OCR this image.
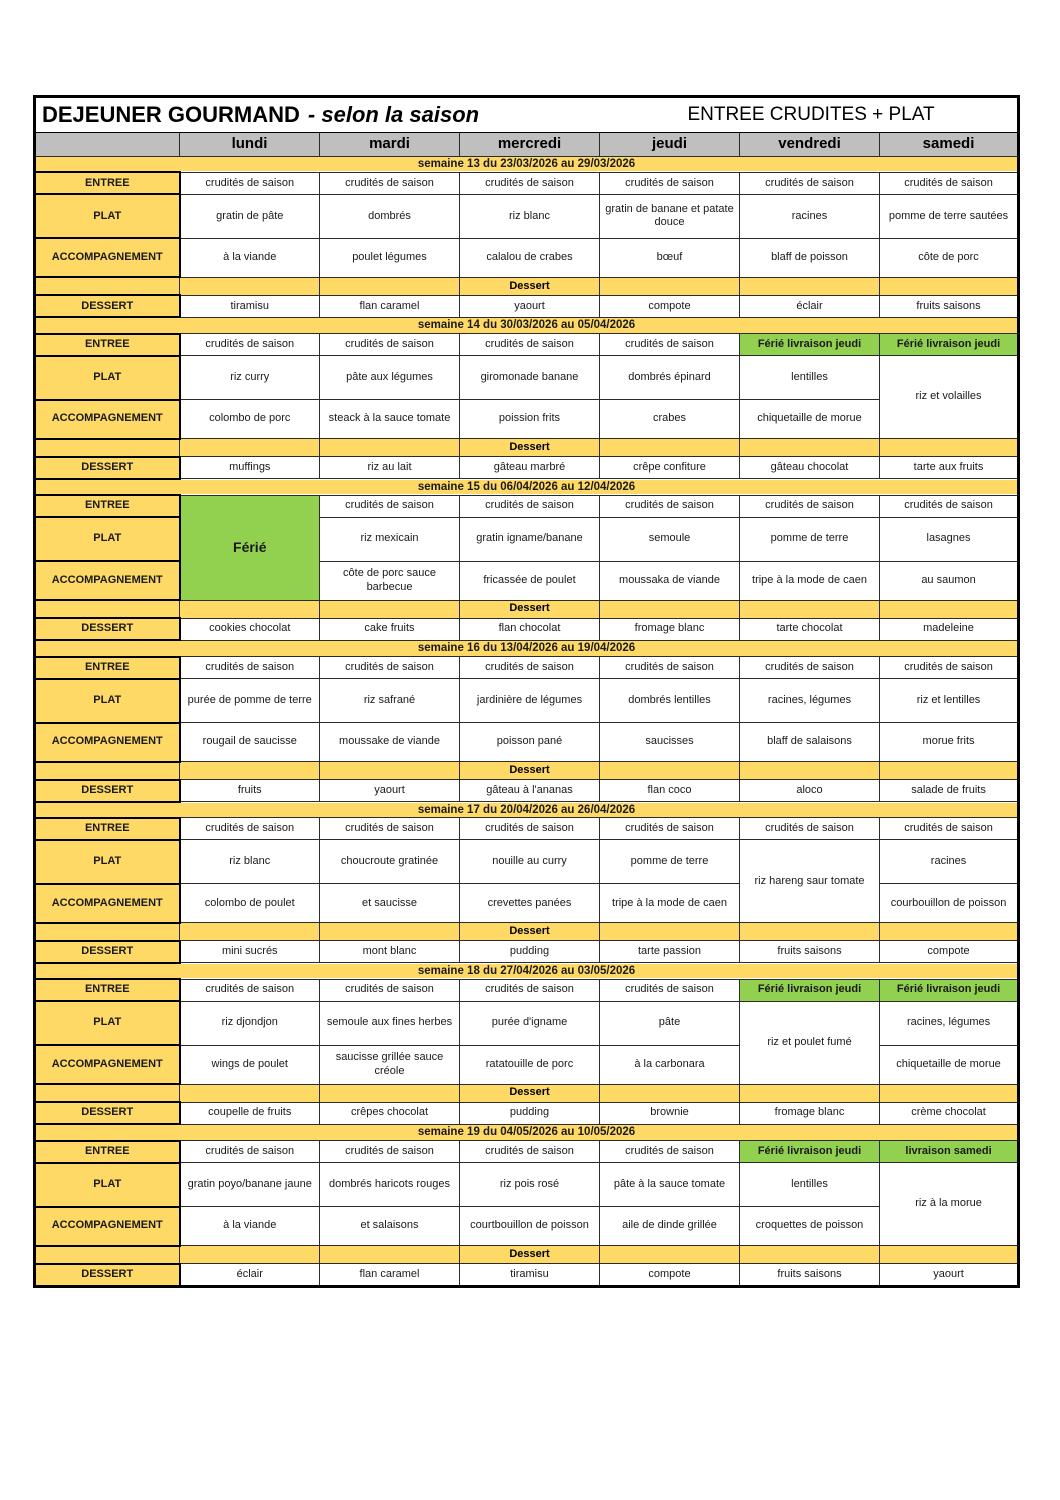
DEJEUNER GOURMAND - selon la saison ENTREE CRUDITES + PLAT						

	lundi	mardi	mercredi	jeudi	vendredi	samedi
semaine 13 du 23/03/2026 au 29/03/2026						
ENTREE	crudités de saison	crudités de saison	crudités de saison	crudités de saison	crudités de saison	crudités de saison
PLAT	gratin de pâte	dombrés	riz blanc	gratin de banane et patate douce	racines	pomme de terre sautées
ACCOMPAGNEMENT	à la viande	poulet légumes	calalou de crabes	bœuf	blaff de poisson	côte de porc
			Dessert			
DESSERT	tiramisu	flan caramel	yaourt	compote	éclair	fruits saisons
semaine 14 du 30/03/2026 au 05/04/2026						
ENTREE	crudités de saison	crudités de saison	crudités de saison	crudités de saison	Férié livraison jeudi	Férié livraison jeudi
PLAT	riz curry	pâte aux légumes	giromonade banane	dombrés épinard	lentilles	riz et volailles
ACCOMPAGNEMENT	colombo de porc	steack à la sauce tomate	poission frits	crabes	chiquetaille de morue	
			Dessert			
DESSERT	muffings	riz au lait	gâteau marbré	crêpe confiture	gâteau chocolat	tarte aux fruits
semaine 15 du 06/04/2026 au 12/04/2026						
ENTREE	Férié	crudités de saison	crudités de saison	crudités de saison	crudités de saison	crudités de saison
PLAT		riz mexicain	gratin igname/banane	semoule	pomme de terre	lasagnes
ACCOMPAGNEMENT		côte de porc sauce barbecue	fricassée de poulet	moussaka de viande	tripe à la mode de caen	au saumon
			Dessert			
DESSERT	cookies chocolat	cake fruits	flan chocolat	fromage blanc	tarte chocolat	madeleine
semaine 16 du 13/04/2026 au 19/04/2026						
ENTREE	crudités de saison	crudités de saison	crudités de saison	crudités de saison	crudités de saison	crudités de saison
PLAT	purée de pomme de terre	riz safrané	jardinière de légumes	dombrés lentilles	racines, légumes	riz et lentilles
ACCOMPAGNEMENT	rougail de saucisse	moussake de viande	poisson pané	saucisses	blaff de salaisons	morue frits
			Dessert			
DESSERT	fruits	yaourt	gâteau à l'ananas	flan coco	aloco	salade de fruits
semaine 17 du 20/04/2026 au 26/04/2026						
ENTREE	crudités de saison	crudités de saison	crudités de saison	crudités de saison	crudités de saison	crudités de saison
PLAT	riz blanc	choucroute gratinée	nouille au curry	pomme de terre	riz hareng saur tomate	racines
ACCOMPAGNEMENT	colombo de poulet	et saucisse	crevettes panées	tripe à la mode de caen		courbouillon de poisson
			Dessert			
DESSERT	mini sucrés	mont blanc	pudding	tarte passion	fruits saisons	compote
semaine 18 du 27/04/2026 au 03/05/2026						
ENTREE	crudités de saison	crudités de saison	crudités de saison	crudités de saison	Férié livraison jeudi	Férié livraison jeudi
PLAT	riz djondjon	semoule aux fines herbes	purée d'igname	pâte	riz et poulet fumé	racines, légumes
ACCOMPAGNEMENT	wings de poulet	saucisse grillée sauce créole	ratatouille de porc	à la carbonara		chiquetaille de morue
			Dessert			
DESSERT	coupelle de fruits	crêpes chocolat	pudding	brownie	fromage blanc	crème chocolat
semaine 19 du 04/05/2026 au 10/05/2026						
ENTREE	crudités de saison	crudités de saison	crudités de saison	crudités de saison	Férié livraison jeudi	livraison samedi
PLAT	gratin poyo/banane jaune	dombrés haricots rouges	riz pois rosé	pâte à la sauce tomate	lentilles	riz à la morue
ACCOMPAGNEMENT	à la viande	et salaisons	courtbouillon de poisson	aile de dinde grillée	croquettes de poisson	
			Dessert			
DESSERT	éclair	flan caramel	tiramisu	compote	fruits saisons	yaourt
